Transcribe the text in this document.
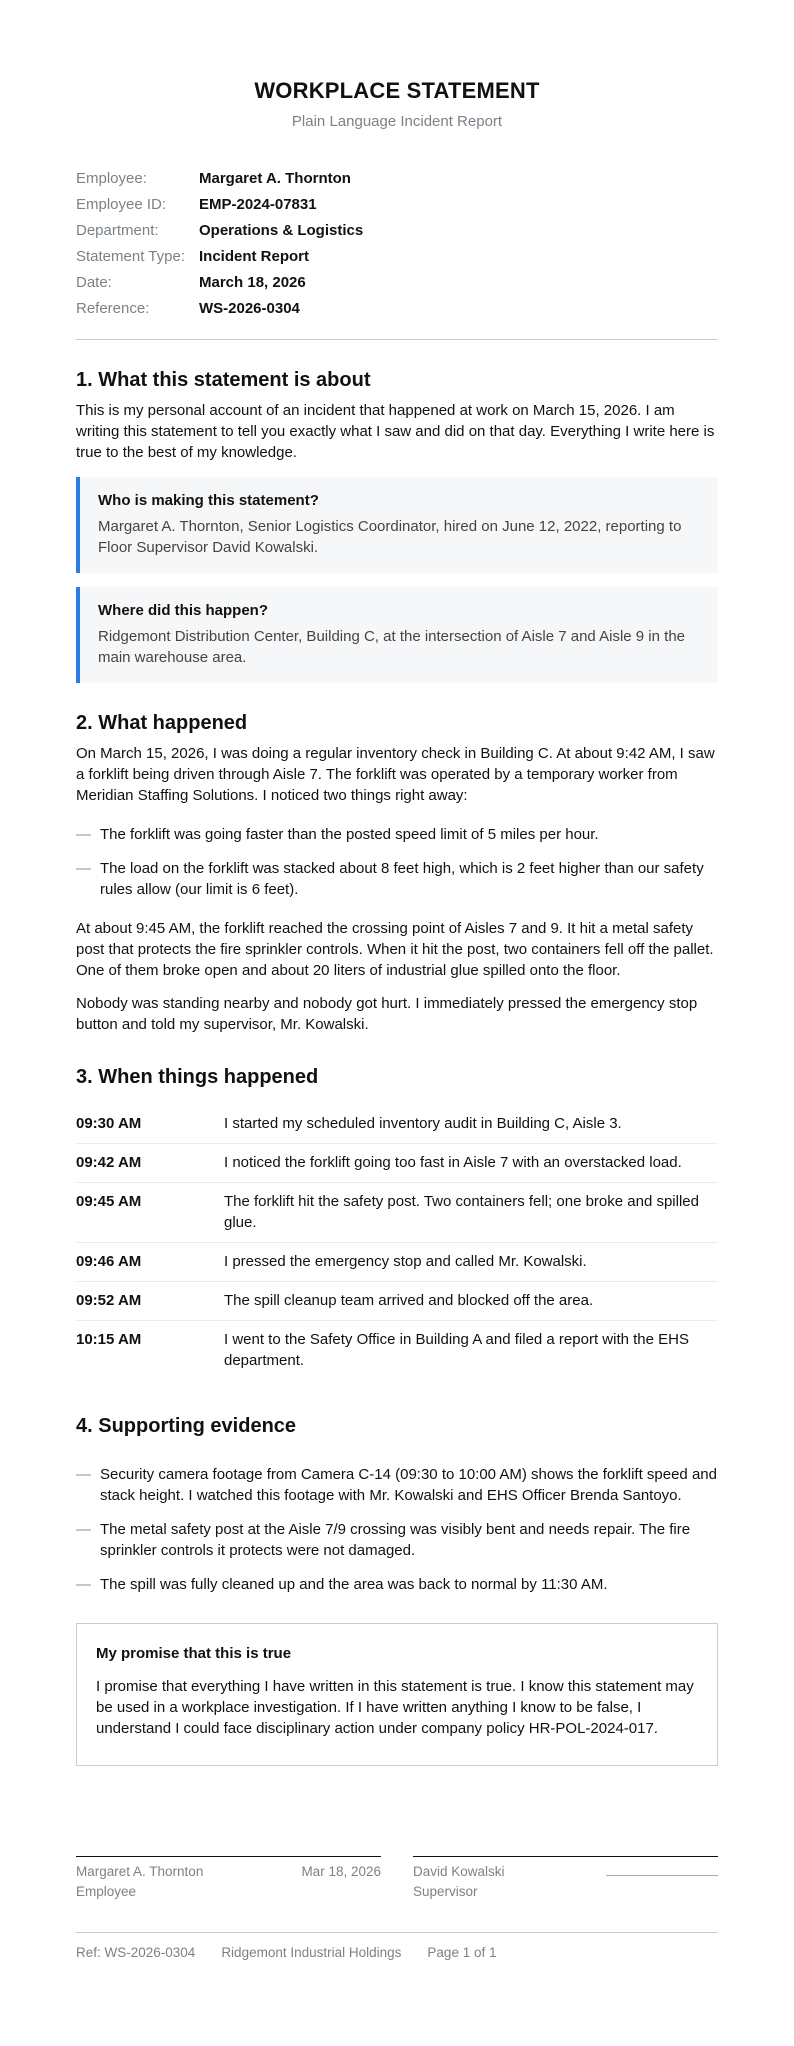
WORKPLACE STATEMENT
Plain Language Incident Report
Employee:	Margaret A. Thornton
Employee ID:	EMP-2024-07831
Department:	Operations & Logistics
Statement Type: Incident Report
Date:	March 18, 2026
Reference:	WS-2026-0304
1. What this statement is about

This is my personal account of an incident that happened at work on March 15, 2026. I am writing this statement to tell you exactly what I saw and did on that day. Everything I write here is true to the best of my knowledge.

Who is making this statement?
Margaret A. Thornton, Senior Logistics Coordinator, hired on June 12, 2022, reporting to Floor Supervisor David Kowalski.
Where did this happen?
Ridgemont Distribution Center, Building C, at the intersection of Aisle 7 and Aisle 9 in the main warehouse area.
2. What happened

On March 15, 2026, I was doing a regular inventory check in Building C. At about 9:42 AM, I saw a forklift being driven through Aisle 7. The forklift was operated by a temporary worker from Meridian Staffing Solutions. I noticed two things right away:

— The forklift was going faster than the posted speed limit of 5 miles per hour.
— The load on the forklift was stacked about 8 feet high, which is 2 feet higher than our safety rules allow (our limit is 6 feet).

At about 9:45 AM, the forklift reached the crossing point of Aisles 7 and 9. It hit a metal safety post that protects the fire sprinkler controls. When it hit the post, two containers fell off the pallet. One of them broke open and about 20 liters of industrial glue spilled onto the floor.

Nobody was standing nearby and nobody got hurt. I immediately pressed the emergency stop button and told my supervisor, Mr. Kowalski.

3. When things happened
09:30 AM	I started my scheduled inventory audit in Building C, Aisle 3.
09:42 AM	I noticed the forklift going too fast in Aisle 7 with an overstacked load.
09:45 AM	The forklift hit the safety post. Two containers fell; one broke and spilled glue.
09:46 AM	I pressed the emergency stop and called Mr. Kowalski.
09:52 AM	The spill cleanup team arrived and blocked off the area.
10:15 AM	I went to the Safety Office in Building A and filed a report with the EHS department.
4. Supporting evidence
— Security camera footage from Camera C-14 (09:30 to 10:00 AM) shows the forklift speed and stack height. I watched this footage with Mr. Kowalski and EHS Officer Brenda Santoyo.
— The metal safety post at the Aisle 7/9 crossing was visibly bent and needs repair. The fire sprinkler controls it protects were not damaged.
— The spill was fully cleaned up and the area was back to normal by 11:30 AM.
My promise that this is true
I promise that everything I have written in this statement is true. I know this statement may be used in a workplace investigation. If I have written anything I know to be false, I understand I could face disciplinary action under company policy HR-POL-2024-017.
Margaret A. Thornton	Mar 18, 2026
Employee
David Kowalski
Supervisor
Ref: WS-2026-0304 Ridgemont Industrial Holdings Page 1 of 1
